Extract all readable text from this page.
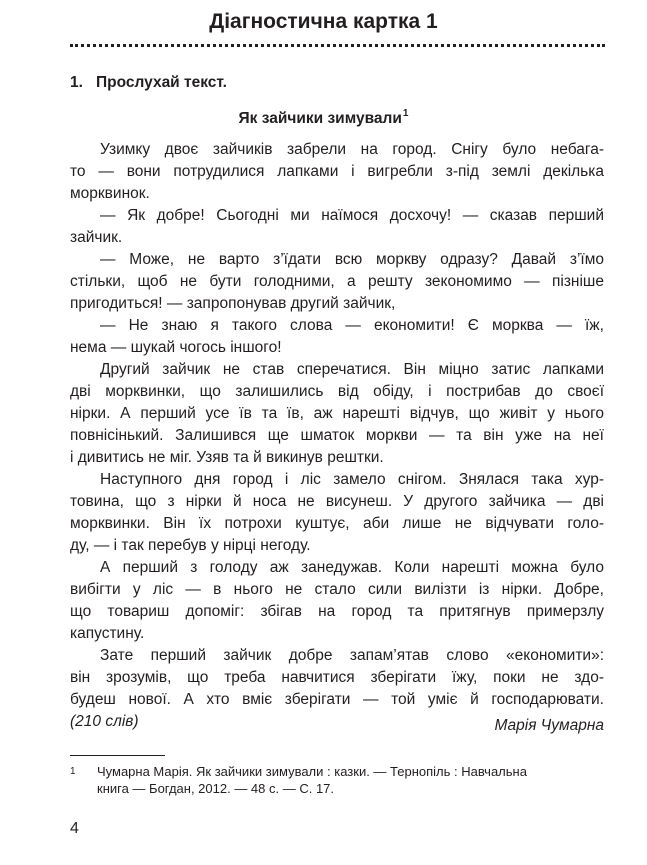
Діагностична картка 1
1. Прослухай текст.
Як зайчики зимували$^1$
Узимку двоє зайчиків забрели на город. Снігу було небага-
то — вони потрудилися лапками і вигребли з-під землі декілька
морквинок.
— Як добре! Сьогодні ми наїмося досхочу! — сказав перший
зайчик.
— Може, не варто з’їдати всю моркву одразу? Давай з’їмо
стільки, щоб не бути голодними, а решту зекономимо — пізніше
пригодиться! — запропонував другий зайчик,
— Не знаю я такого слова — економити! Є морква — їж,
нема — шукай чогось іншого!
Другий зайчик не став сперечатися. Він міцно затис лапками
дві морквинки, що залишились від обіду, і пострибав до своєї
нірки. А перший усе їв та їв, аж нарешті відчув, що живіт у нього
повнісінький. Залишився ще шматок моркви — та він уже на неї
і дивитись не міг. Узяв та й викинув рештки.
Наступного дня город і ліс замело снігом. Знялася така хур-
товина, що з нірки й носа не висунеш. У другого зайчика — дві
морквинки. Він їх потрохи куштує, аби лише не відчувати голо-
ду, — і так перебув у нірці негоду.
А перший з голоду аж занедужав. Коли нарешті можна було
вибігти у ліс — в нього не стало сили вилізти із нірки. Добре,
що товариш допоміг: збігав на город та притягнув примерзлу
капустину.
Зате перший зайчик добре запам’ятав слово «економити»:
він зрозумів, що треба навчитися зберігати їжу, поки не здо-
будеш нової. А хто вміє зберігати — той уміє й господарювати.
(210 слів)	Марія Чумарна
1 Чумарна Марія. Як зайчики зимували : казки. — Тернопіль : Навчальна
книга — Богдан, 2012. — 48 с. — С. 17.
4
